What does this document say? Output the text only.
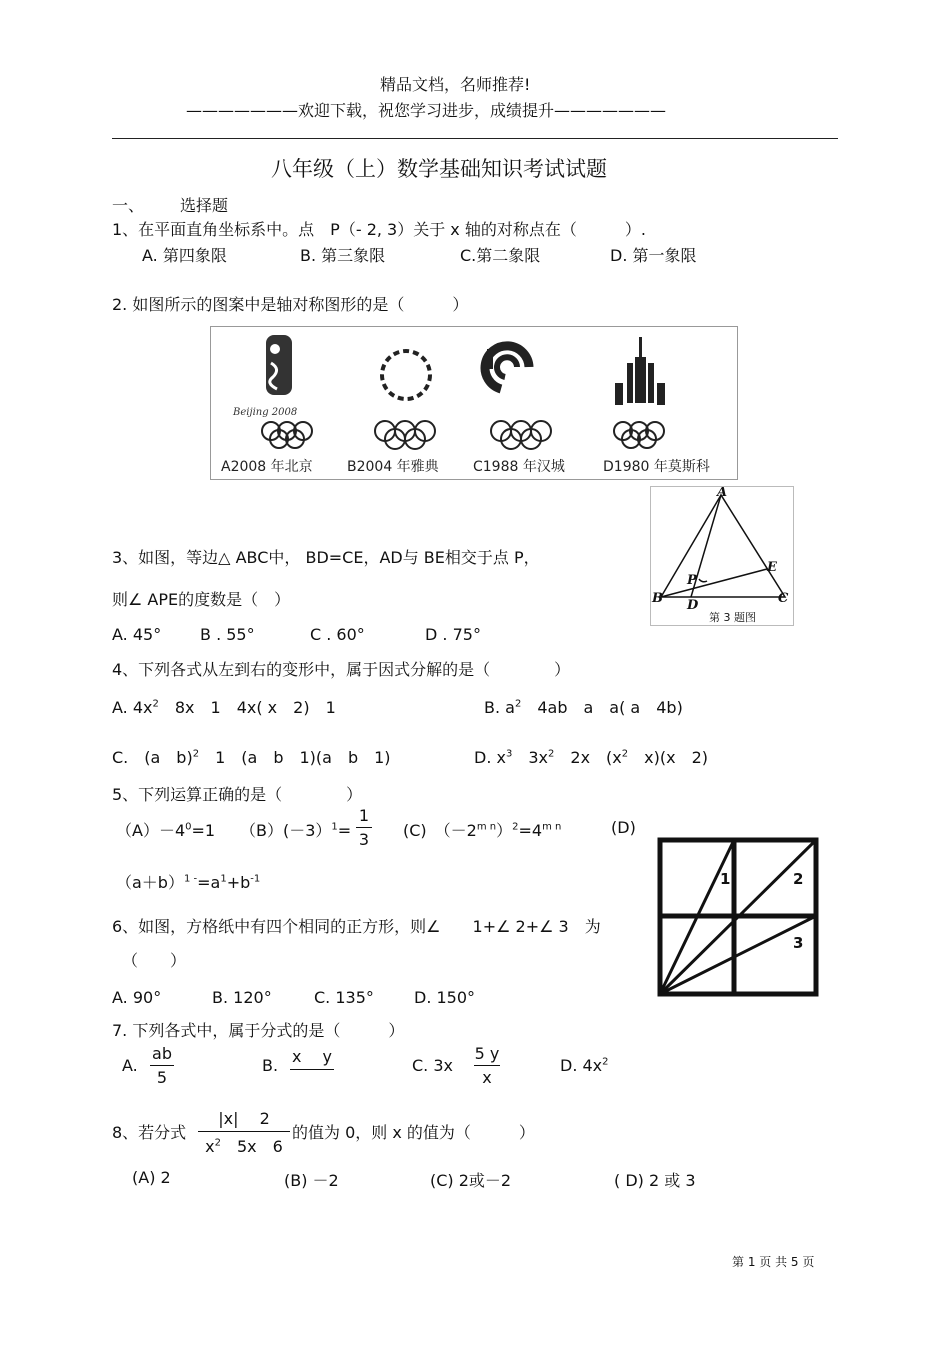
精品文档，名师推荐!
———————欢迎下载，祝您学习进步，成绩提升———————
八年级（上）数学基础知识考试试题
一、 选择题
1、在平面直角坐标系中。点　P（- 2, 3）关于 x 轴的对称点在（　　　）.
A. 第四象限	B. 第三象限	C.第二象限	D. 第一象限
2. 如图所示的图案中是轴对称图形的是（　　　）
Beijing 2008
A2008 年北京 B2004 年雅典 C1988 年汉城	D1980 年莫斯科
3、如图，等边△ ABC中， BD=CE，AD与 BE相交于点 P，
则∠ APE的度数是（　）
A
B	C
D
E
P
第 3 题图
A. 45° B . 55°	C . 60°	D . 75°
4、下列各式从左到右的变形中，属于因式分解的是（　　　　）
A. $4x^2$　 8x　1　4x( x　2)　1	B. $a^2$　 4ab　a　a( a　4b)
C.　(a　b)$^2$　 1　(a　b　1)(a　b　1)	D. $x^3$　 $3x^2$　 2x　($x^2$　 x)(x　2)
5、下列运算正确的是（　　　　）
$(A)-4^0=1$ （B）(－3）$^1$=
1
3 (C)　$(-2^{m n})^2=4^{m n}$	(D)
$(a+b)^{1 -}=a^1+b^{-1}$	1	2
3
6、如图，方格纸中有四个相同的正方形，则∠　　1+∠ 2+∠ 3　为
（　　）
A. 90°	B. 120°	C. 135°	D. 150°
7. 下列各式中，属于分式的是（　　　）
A.
ab
5
B. x　 y	C. 3x
5 y
x
D. $4x^2$
8、若分式
|x|　 2
$x^2$　5x　6
的值为 0，则 x 的值为（　　　）
(A) 2	(B) －2	(C) 2或－2	( D) 2 或 3
第 1 页 共 5 页
